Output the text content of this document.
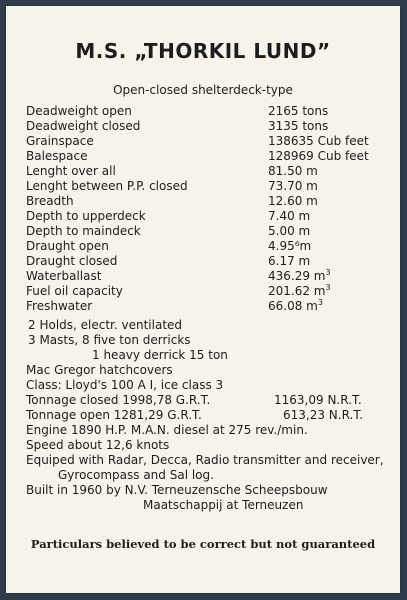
M.S. „THORKIL LUND”
Open-closed shelterdeck-type
Deadweight open	2165 tons
Deadweight closed	3135 tons
Grainspace	138635 Cub feet
Balespace	128969 Cub feet
Lenght over all	81.50 m
Lenght between P.P. closed	73.70 m
Breadth	12.60 m
Depth to upperdeck	7.40 m
Depth to maindeck	5.00 m
Draught open	4.95⁶m
Draught closed	6.17 m
Waterballast	436.29 $m^3$
Fuel oil capacity	201.62 $m^3$
Freshwater	66.08 $m^3$
2 Holds, electr. ventilated
3 Masts, 8 five ton derricks
1 heavy derrick 15 ton
Mac Gregor hatchcovers
Class: Lloyd's 100 A I, ice class 3
Tonnage closed 1998,78 G.R.T.	1163,09 N.R.T.
Tonnage open 1281,29 G.R.T.	613,23 N.R.T.
Engine 1890 H.P. M.A.N. diesel at 275 rev./min.
Speed about 12,6 knots
Equiped with Radar, Decca, Radio transmitter and receiver,
Gyrocompass and Sal log.
Built in 1960 by N.V. Terneuzensche Scheepsbouw
Maatschappij at Terneuzen
Particulars believed to be correct but not guaranteed
